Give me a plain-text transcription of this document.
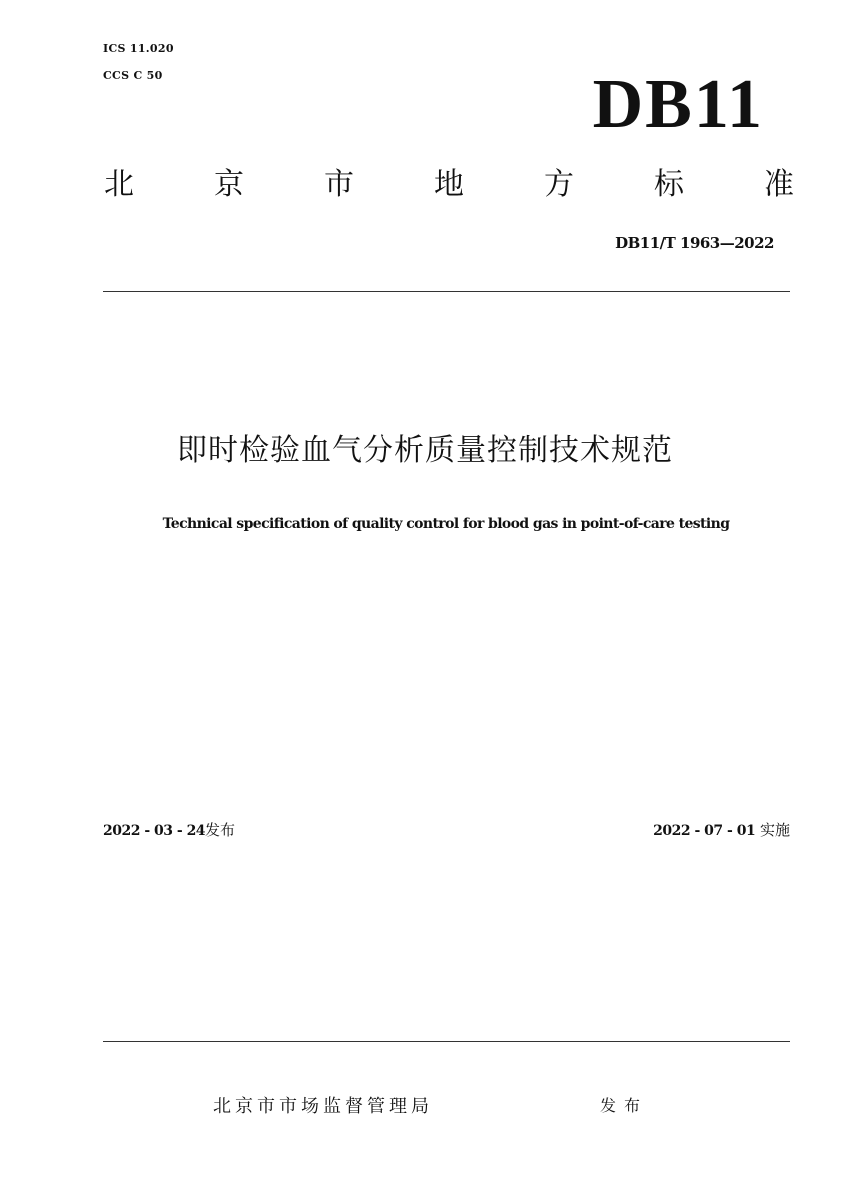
ICS 11.020
CCS C 50	DB11
北	京	市	地	方	标	准
DB11/T 1963—2022
即时检验血气分析质量控制技术规范
Technical specification of quality control for blood gas in point-of-care testing
2022 - 03 - 24发布	2022 - 07 - 01 实施
北京市市场监督管理局	发布
